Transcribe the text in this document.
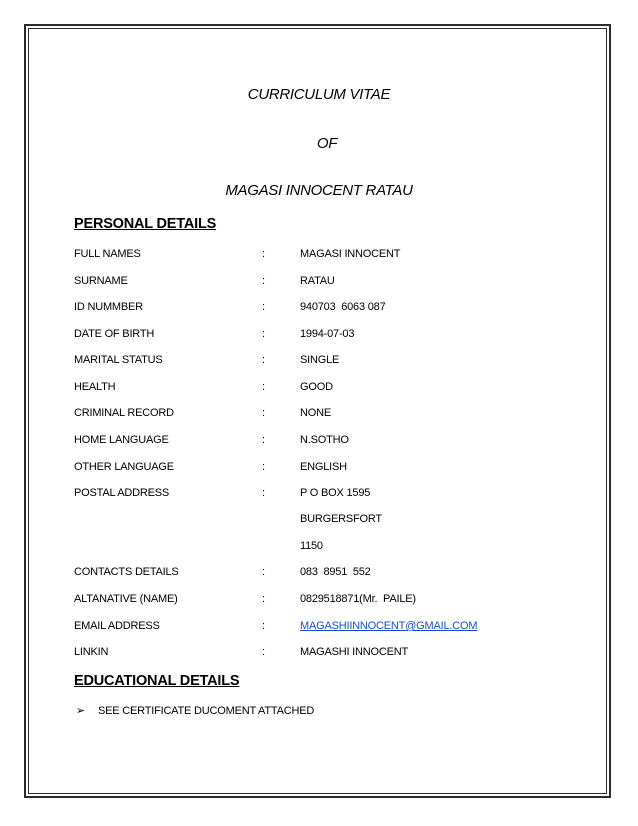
CURRICULUM VITAE
OF
MAGASI INNOCENT RATAU
PERSONAL DETAILS
FULL NAMES	:	MAGASI INNOCENT
SURNAME	:	RATAU
ID NUMMBER	:	940703  6063 087
DATE OF BIRTH	:	1994-07-03
MARITAL STATUS	:	SINGLE
HEALTH	:	GOOD
CRIMINAL RECORD	:	NONE
HOME LANGUAGE	:	N.SOTHO
OTHER LANGUAGE	:	ENGLISH
POSTAL ADDRESS	:	P O BOX 1595
BURGERSFORT
1150
CONTACTS DETAILS	:	083  8951  552
ALTANATIVE (NAME)	:	0829518871(Mr.  PAILE)
EMAIL ADDRESS	:	MAGASHIINNOCENT@GMAIL.COM
LINKIN	:	MAGASHI INNOCENT
EDUCATIONAL DETAILS
➢ SEE CERTIFICATE DUCOMENT ATTACHED
